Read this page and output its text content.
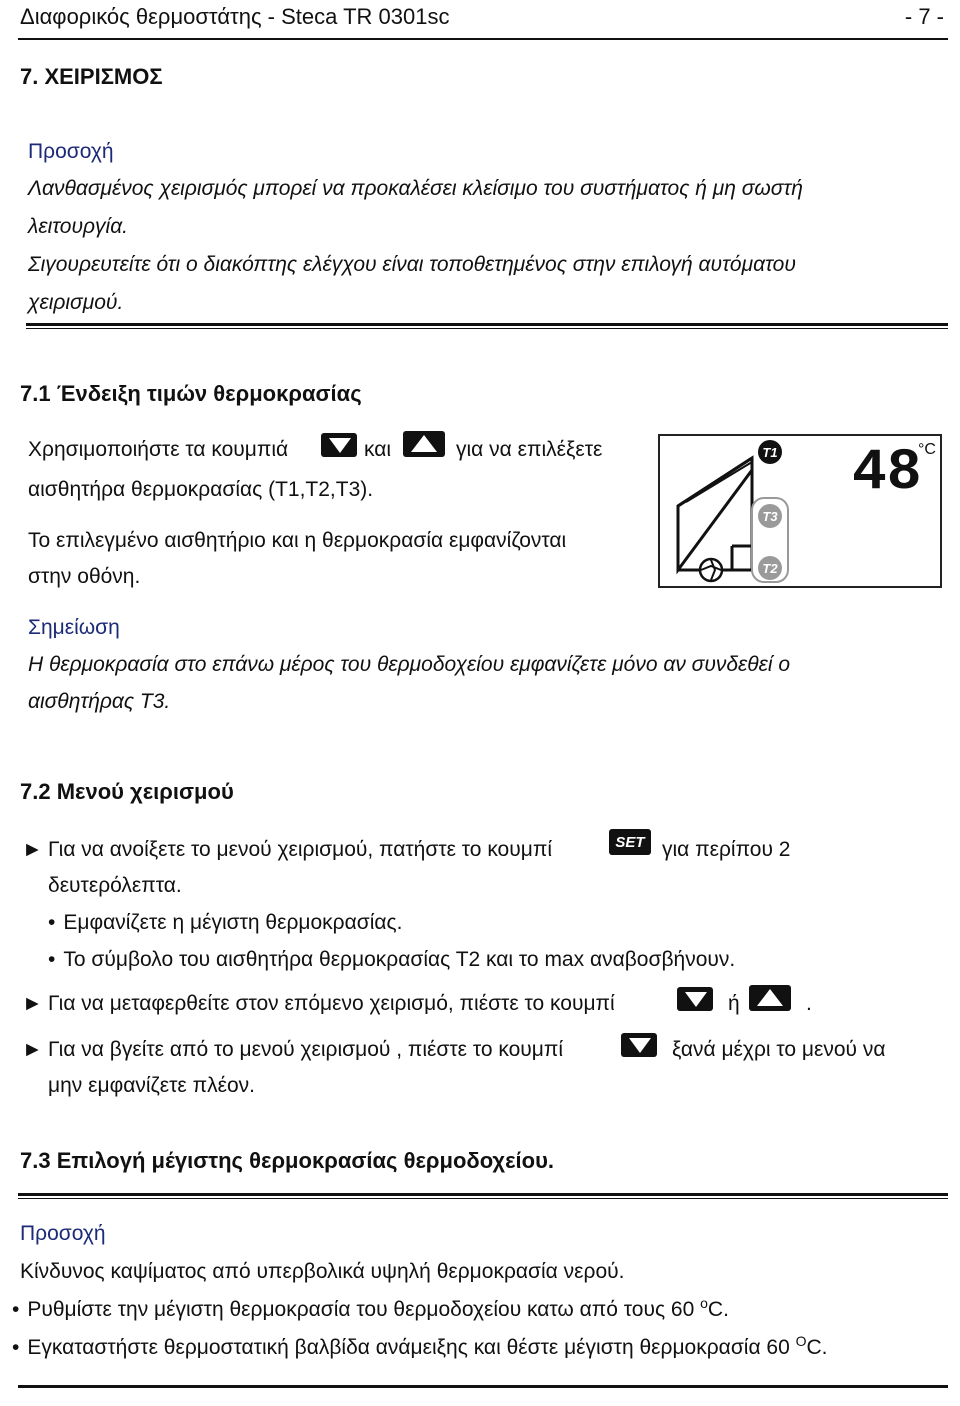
Διαφορικός θερμοστάτης - Steca TR 0301sc	- 7 -
7. ΧΕΙΡΙΣΜΟΣ
Προσοχή
Λανθασμένος χειρισμός μπορεί να προκαλέσει κλείσιμο του συστήματος ή μη σωστή
λειτουργία.
Σιγουρευτείτε ότι ο διακόπτης ελέγχου είναι τοποθετημένος στην επιλογή αυτόματου
χειρισμού.
7.1 Ένδειξη τιμών θερμοκρασίας
Χρησιμοποιήστε τα κουμπιά	και	για να επιλέξετε
αισθητήρα θερμοκρασίας (Τ1,Τ2,Τ3).
Το επιλεγμένο αισθητήριο και η θερμοκρασία εμφανίζονται
στην οθόνη.
T3
T2
T1 48
°C
Σημείωση
Η θερμοκρασία στο επάνω μέρος του θερμοδοχείου εμφανίζετε μόνο αν συνδεθεί ο
αισθητήρας Τ3.
7.2 Μενού χειρισμού
► Για να ανοίξετε το μενού χειρισμού, πατήστε το κουμπί	SET για περίπου 2
δευτερόλεπτα.
• Εμφανίζετε η μέγιστη θερμοκρασίας.
• Το σύμβολο του αισθητήρα θερμοκρασίας Τ2 και το max αναβοσβήνουν.
► Για να μεταφερθείτε στον επόμενο χειρισμό, πιέστε το κουμπί	ή	.
► Για να βγείτε από το μενού χειρισμού , πιέστε το κουμπί	ξανά μέχρι το μενού να
μην εμφανίζετε πλέον.
7.3 Επιλογή μέγιστης θερμοκρασίας θερμοδοχείου.
Προσοχή
Κίνδυνος καψίματος από υπερβολικά υψηλή θερμοκρασία νερού.
• Ρυθμίστε την μέγιστη θερμοκρασία του θερμοδοχείου κατω από τους 60 $^o$C.
• Εγκαταστήστε θερμοστατική βαλβίδα ανάμειξης και θέστε μέγιστη θερμοκρασία 60 $^O$C.
